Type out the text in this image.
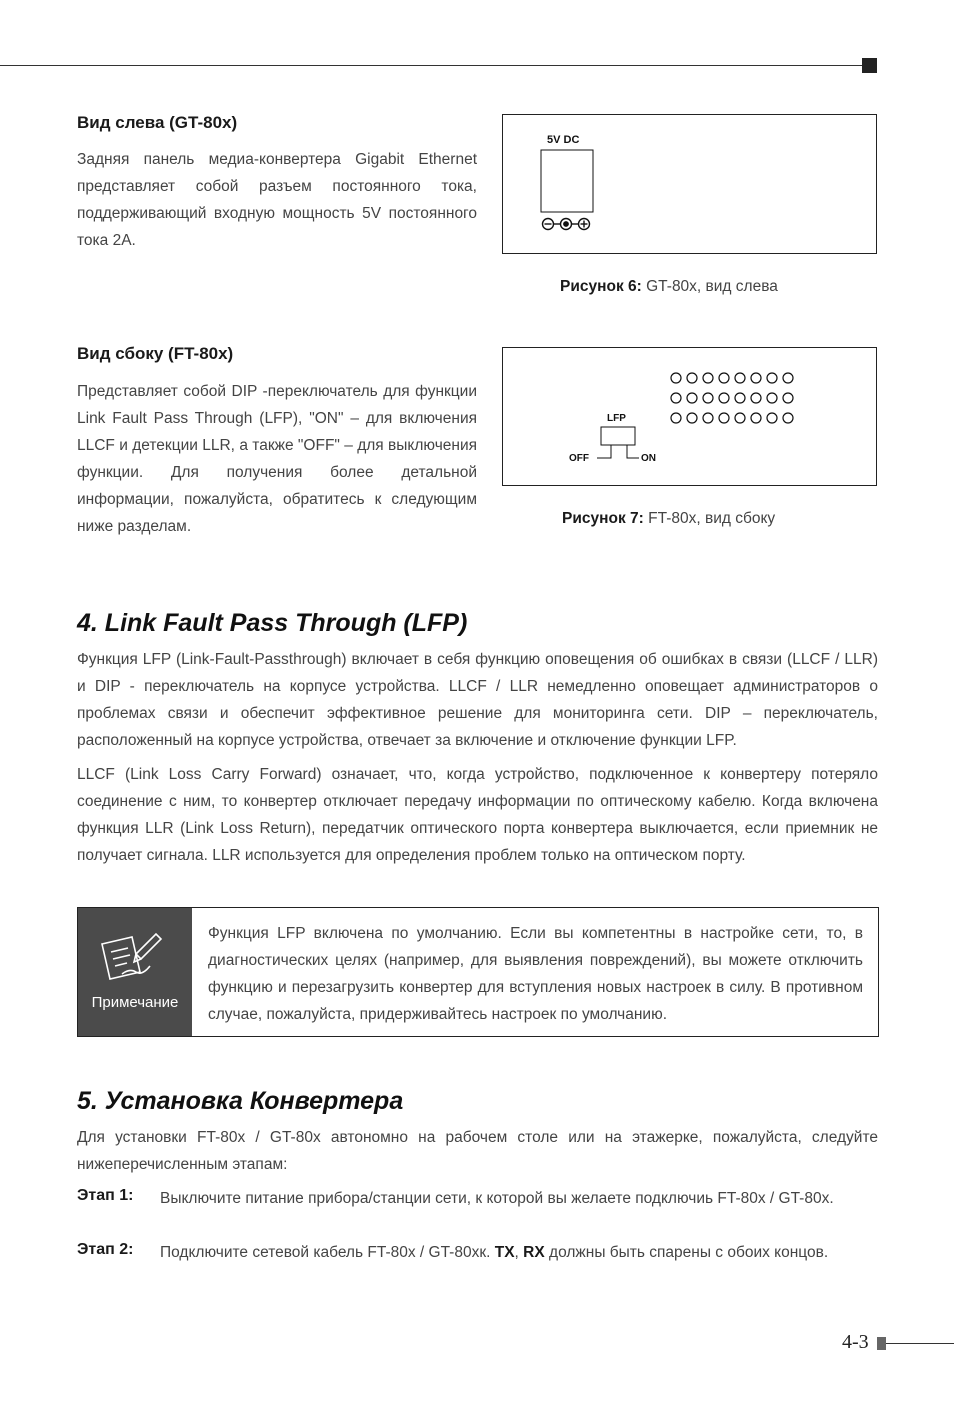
Вид слева (GT-80x)
Задняя панель медиа-конвертера Gigabit Ethernet представляет собой разъем постоянного тока, поддерживающий входную мощность 5V постоянного тока 2A.
5V DC
Рисунок 6: GT-80x, вид слева
Вид сбоку (FT-80x)
Представляет собой DIP -переключатель для функции Link Fault Pass Through (LFP), "ON" – для включения LLCF и детекции LLR, а также "OFF" – для выключения функции. Для получения более детальной информации, пожалуйста, обратитесь к следующим ниже разделам.
LFP
OFF	ON
Рисунок 7: FT-80x, вид сбоку
4. Link Fault Pass Through (LFP)
Функция LFP (Link-Fault-Passthrough) включает в себя функцию оповещения об ошибках в связи (LLCF / LLR) и DIP - переключатель на корпусе устройства. LLCF / LLR немедленно оповещает администраторов о проблемах связи и обеспечит эффективное решение для мониторинга сети. DIP – переключатель, расположенный на корпусе устройства, отвечает за включение и отключение функции LFP.
LLCF (Link Loss Carry Forward) означает, что, когда устройство, подключенное к конвертеру потеряло соединение с ним, то конвертер отключает передачу информации по оптическому кабелю. Когда включена функция LLR (Link Loss Return), передатчик оптического порта конвертера выключается, если приемник не получает сигнала. LLR используется для определения проблем только на оптическом порту.
Примечание
Функция LFP включена по умолчанию. Если вы компетентны в настройке сети, то, в диагностических целях (например, для выявления повреждений), вы можете отключить функцию и перезагрузить конвертер для вступления новых настроек в силу. В противном случае, пожалуйста, придерживайтесь настроек по умолчанию.
5. Установка Конвертера
Для установки FT-80x / GT-80x автономно на рабочем столе или на этажерке, пожалуйста, следуйте нижеперечисленным этапам:
Этап 1: Выключите питание прибора/станции сети, к которой вы желаете подключиь FT-80x / GT-80x.
Этап 2: Подключите сетевой кабель FT-80x / GT-80xк. TX, RX должны быть спарены с обоих концов.
4-3
